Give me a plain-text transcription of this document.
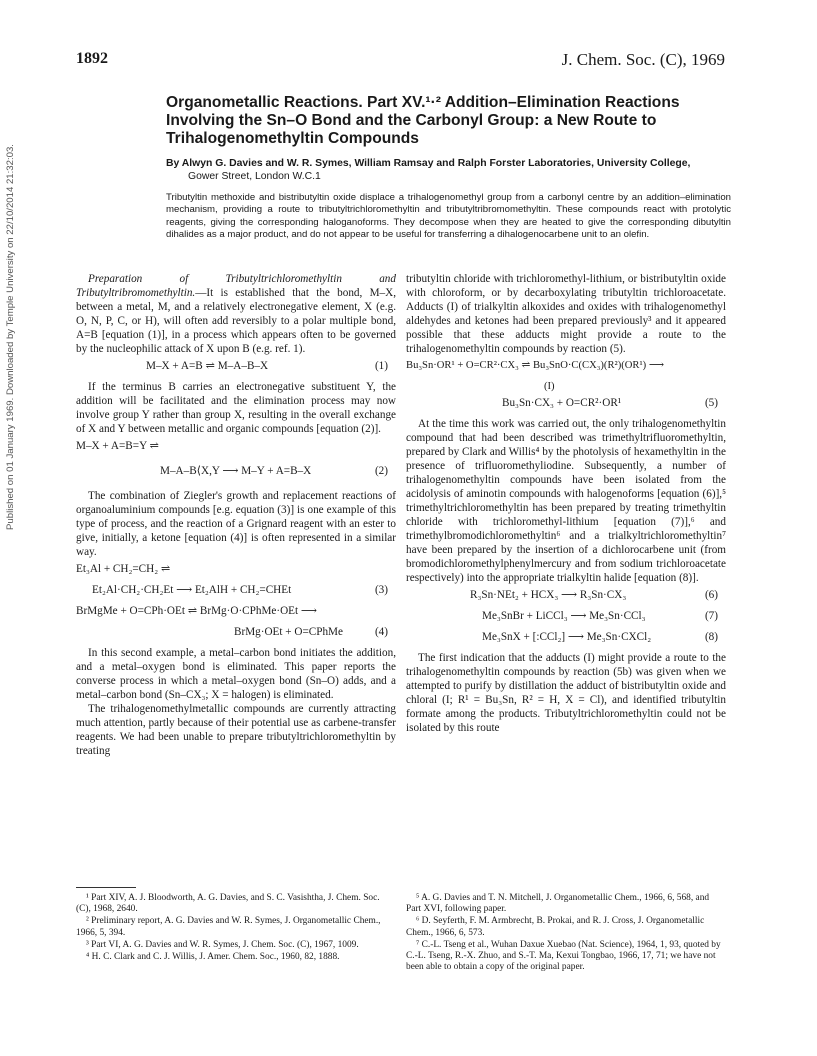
1892	J. Chem. Soc. (C), 1969
Organometallic Reactions. Part XV.¹·² Addition–Elimination Reactions Involving the Sn–O Bond and the Carbonyl Group: a New Route to Trihalogenomethyltin Compounds
By Alwyn G. Davies and W. R. Symes, William Ramsay and Ralph Forster Laboratories, University College,
Gower Street, London W.C.1
Tributyltin methoxide and bistributyltin oxide displace a trihalogenomethyl group from a carbonyl centre by an addition–elimination mechanism, providing a route to tributyltrichloromethyltin and tributyltribromomethyltin. These compounds react with protolytic reagents, giving the corresponding haloganoforms. They decompose when they are heated to give the corresponding dibutyltin dihalides as a major product, and do not appear to be useful for transferring a dihalogenocarbene unit to an olefin.
Published on 01 January 1969. Downloaded by Temple University on 22/10/2014 21:32:03.	Preparation of Tributyltrichloromethyltin and Tributyltribromomethyltin.—It is established that the bond, M–X, between a metal, M, and a relatively electronegative element, X (e.g. O, N, P, C, or H), will often add reversibly to a polar multiple bond, A=B [equation (1)], in a process which appears often to be governed by the nucleophilic attack of X upon B (e.g. ref. 1).

M–X + A=B ⇌ M–A–B–X	(1)

If the terminus B carries an electronegative substituent Y, the addition will be facilitated and the elimination process may now involve group Y rather than group X, resulting in the overall exchange of X and Y between metallic and organic compounds [equation (2)].

M–X + A=B=Y ⇌
M–A–B⟨X,Y ⟶ M–Y + A=B–X	(2)

The combination of Ziegler's growth and replacement reactions of organoaluminium compounds [e.g. equation (3)] is one example of this type of process, and the reaction of a Grignard reagent with an ester to give, initially, a ketone [equation (4)] is often represented in a similar way.

Et₃Al + CH₂=CH₂ ⇌
Et₂Al·CH₂·CH₂Et ⟶ Et₂AlH + CH₂=CHEt	(3)
BrMgMe + O=CPh·OEt ⇌ BrMg·O·CPhMe·OEt ⟶
BrMg·OEt + O=CPhMe	(4)

In this second example, a metal–carbon bond initiates the addition, and a metal–oxygen bond is eliminated. This paper reports the converse process in which a metal–oxygen bond (Sn–O) adds, and a metal–carbon bond (Sn–CX₃; X = halogen) is eliminated.

The trihalogenomethylmetallic compounds are currently attracting much attention, partly because of their potential use as carbene-transfer reagents. We had been unable to prepare tributyltrichloromethyltin by treating

tributyltin chloride with trichloromethyl-lithium, or bistributyltin oxide with chloroform, or by decarboxylating tributyltin trichloroacetate. Adducts (I) of trialkyltin alkoxides and oxides with trihalogenomethyl aldehydes and ketones had been prepared previously³ and it appeared possible that these adducts might provide a route to the trihalogenomethyltin compounds by reaction (5).

Bu₃Sn·OR¹ + O=CR²·CX₃ ⇌ Bu₃SnO·C(CX₃)(R²)(OR¹) ⟶
(I)
Bu₃Sn·CX₃ + O=CR²·OR¹	(5)

At the time this work was carried out, the only trihalogenomethyltin compound that had been described was trimethyltrifluoromethyltin, prepared by Clark and Willis⁴ by the photolysis of hexamethyltin in the presence of trifluoromethyliodine. Subsequently, a number of trihalogenomethyltin compounds have been isolated from the acidolysis of aminotin compounds with halogenoforms [equation (6)],⁵ trimethyltrichloromethyltin has been prepared by treating trimethyltin chloride with trichloromethyl-lithium [equation (7)],⁶ and trimethylbromodichloromethyltin⁶ and a trialkyltrichloromethyltin⁷ have been prepared by the insertion of a dichlorocarbene unit (from bromodichloromethylphenylmercury and from sodium trichloroacetate respectively) into the appropriate trialkyltin halide [equation (8)].

R₃Sn·NEt₂ + HCX₃ ⟶ R₃Sn·CX₃	(6)
Me₃SnBr + LiCCl₃ ⟶ Me₃Sn·CCl₃	(7)
Me₃SnX + [:CCl₂] ⟶ Me₃Sn·CXCl₂	(8)

The first indication that the adducts (I) might provide a route to the trihalogenomethyltin compounds by reaction (5b) was given when we attempted to purify by distillation the adduct of bistributyltin oxide and chloral (I; R¹ = Bu₃Sn, R² = H, X = Cl), and identified tributyltin formate among the products. Tributyltrichloromethyltin could not be isolated by this route

¹ Part XIV, A. J. Bloodworth, A. G. Davies, and S. C. Vasishtha, J. Chem. Soc. (C), 1968, 2640.

² Preliminary report, A. G. Davies and W. R. Symes, J. Organometallic Chem., 1966, 5, 394.

³ Part VI, A. G. Davies and W. R. Symes, J. Chem. Soc. (C), 1967, 1009.

⁴ H. C. Clark and C. J. Willis, J. Amer. Chem. Soc., 1960, 82, 1888.

⁵ A. G. Davies and T. N. Mitchell, J. Organometallic Chem., 1966, 6, 568, and Part XVI, following paper.

⁶ D. Seyferth, F. M. Armbrecht, B. Prokai, and R. J. Cross, J. Organometallic Chem., 1966, 6, 573.

⁷ C.-L. Tseng et al., Wuhan Daxue Xuebao (Nat. Science), 1964, 1, 93, quoted by C.-L. Tseng, R.-X. Zhuo, and S.-T. Ma, Kexui Tongbao, 1966, 17, 71; we have not been able to obtain a copy of the original paper.
